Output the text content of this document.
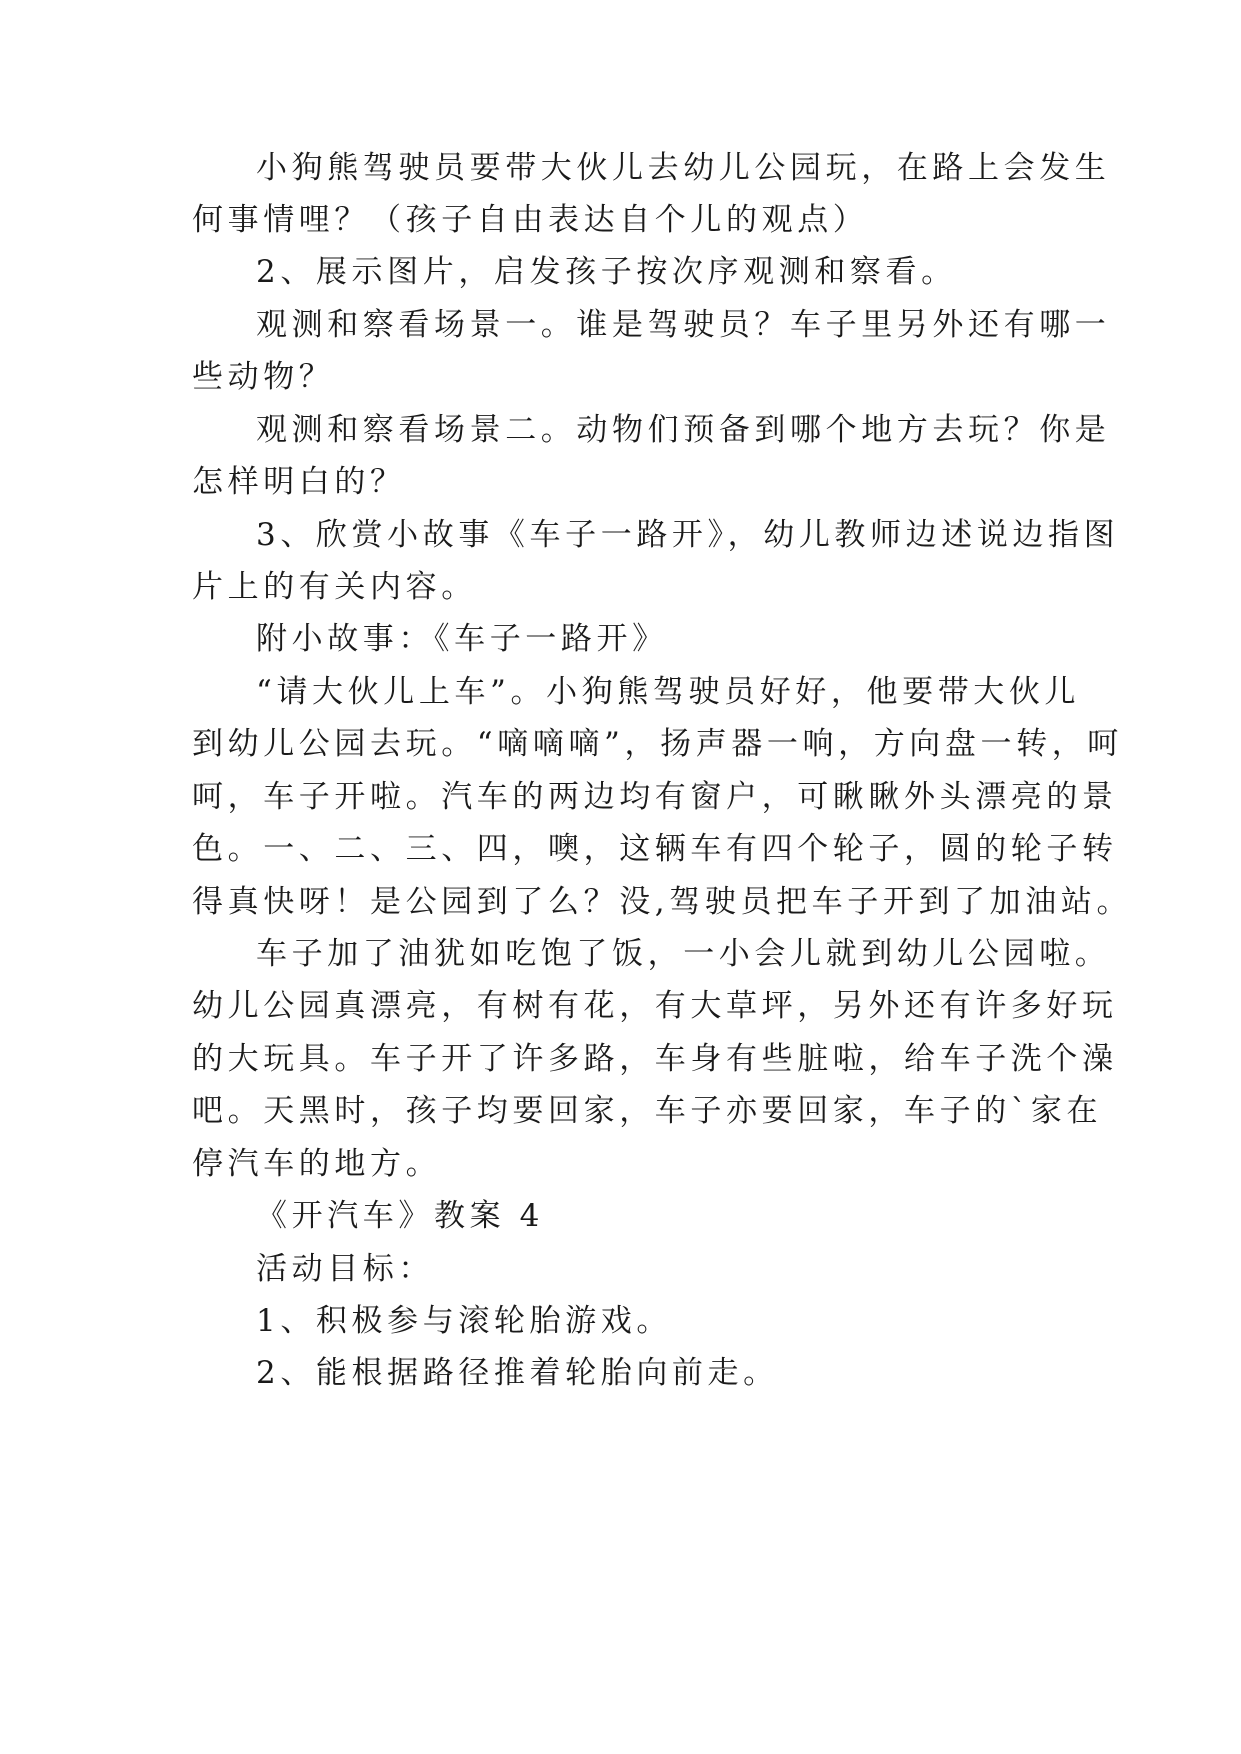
小狗熊驾驶员要带大伙儿去幼儿公园玩，在路上会发生
何事情哩？（孩子自由表达自个儿的观点）
2、展示图片，启发孩子按次序观测和察看。
观测和察看场景一。谁是驾驶员？车子里另外还有哪一
些动物？
观测和察看场景二。动物们预备到哪个地方去玩？你是
怎样明白的？
3、欣赏小故事《车子一路开》，幼儿教师边述说边指图
片上的有关内容。
附小故事：《车子一路开》
“请大伙儿上车”。小狗熊驾驶员好好，他要带大伙儿
到幼儿公园去玩。“嘀嘀嘀”，扬声器一响，方向盘一转，呵
呵，车子开啦。汽车的两边均有窗户，可瞅瞅外头漂亮的景
色。一、二、三、四，噢，这辆车有四个轮子，圆的轮子转
得真快呀！是公园到了么？没,驾驶员把车子开到了加油站。
车子加了油犹如吃饱了饭，一小会儿就到幼儿公园啦。
幼儿公园真漂亮，有树有花，有大草坪，另外还有许多好玩
的大玩具。车子开了许多路，车身有些脏啦，给车子洗个澡
吧。天黑时，孩子均要回家，车子亦要回家，车子的`家在
停汽车的地方。
《开汽车》教案 4
活动目标：
1、积极参与滚轮胎游戏。
2、能根据路径推着轮胎向前走。
